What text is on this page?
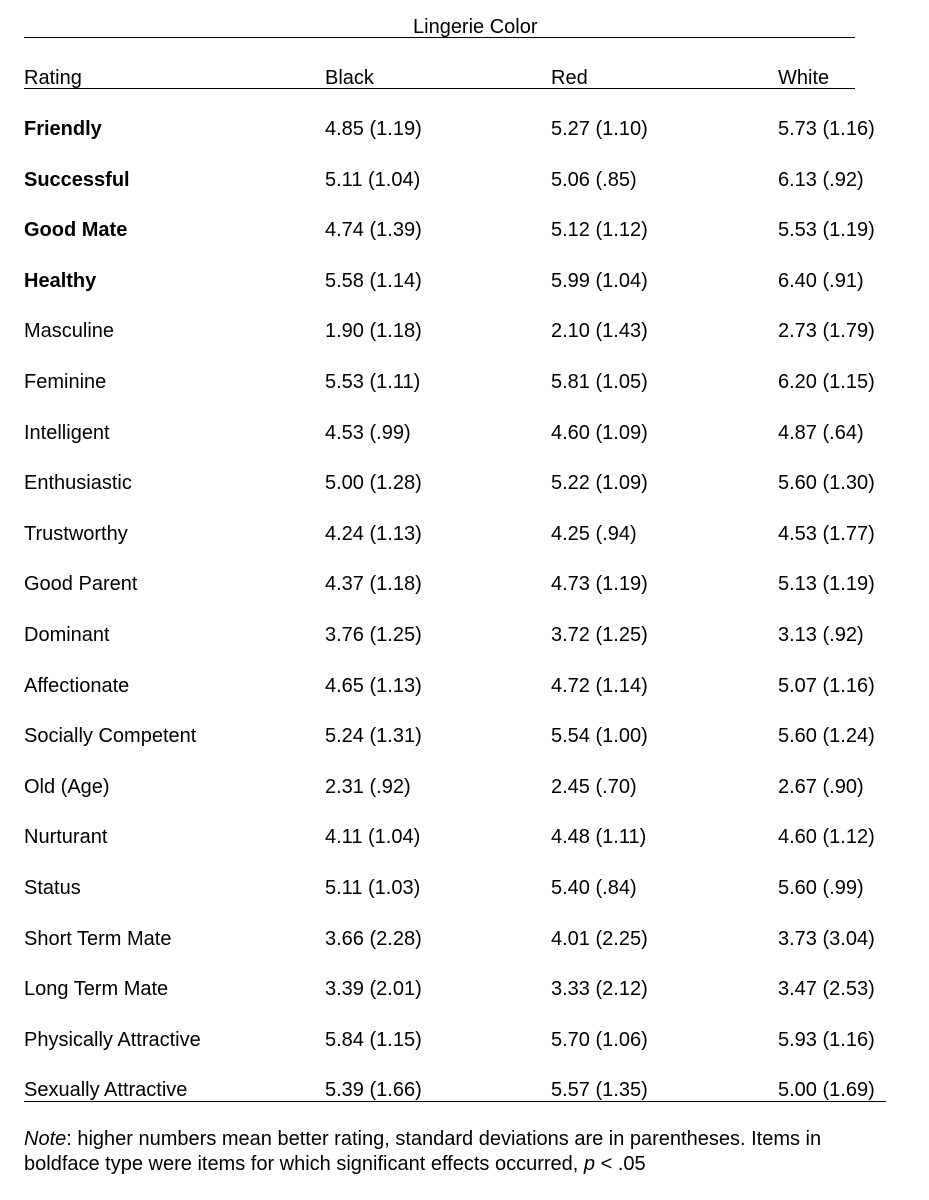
Lingerie Color
Rating	Black	Red	White
Friendly	4.85 (1.19)	5.27 (1.10)	5.73 (1.16)
Successful	5.11 (1.04)	5.06 (.85)	6.13 (.92)
Good Mate	4.74 (1.39)	5.12 (1.12)	5.53 (1.19)
Healthy	5.58 (1.14)	5.99 (1.04)	6.40 (.91)
Masculine	1.90 (1.18)	2.10 (1.43)	2.73 (1.79)
Feminine	5.53 (1.11)	5.81 (1.05)	6.20 (1.15)
Intelligent	4.53 (.99)	4.60 (1.09)	4.87 (.64)
Enthusiastic	5.00 (1.28)	5.22 (1.09)	5.60 (1.30)
Trustworthy	4.24 (1.13)	4.25 (.94)	4.53 (1.77)
Good Parent	4.37 (1.18)	4.73 (1.19)	5.13 (1.19)
Dominant	3.76 (1.25)	3.72 (1.25)	3.13 (.92)
Affectionate	4.65 (1.13)	4.72 (1.14)	5.07 (1.16)
Socially Competent	5.24 (1.31)	5.54 (1.00)	5.60 (1.24)
Old (Age)	2.31 (.92)	2.45 (.70)	2.67 (.90)
Nurturant	4.11 (1.04)	4.48 (1.11)	4.60 (1.12)
Status	5.11 (1.03)	5.40 (.84)	5.60 (.99)
Short Term Mate	3.66 (2.28)	4.01 (2.25)	3.73 (3.04)
Long Term Mate	3.39 (2.01)	3.33 (2.12)	3.47 (2.53)
Physically Attractive	5.84 (1.15)	5.70 (1.06)	5.93 (1.16)
Sexually Attractive	5.39 (1.66)	5.57 (1.35)	5.00 (1.69)
Note: higher numbers mean better rating, standard deviations are in parentheses. Items in boldface type were items for which significant effects occurred, p < .05
